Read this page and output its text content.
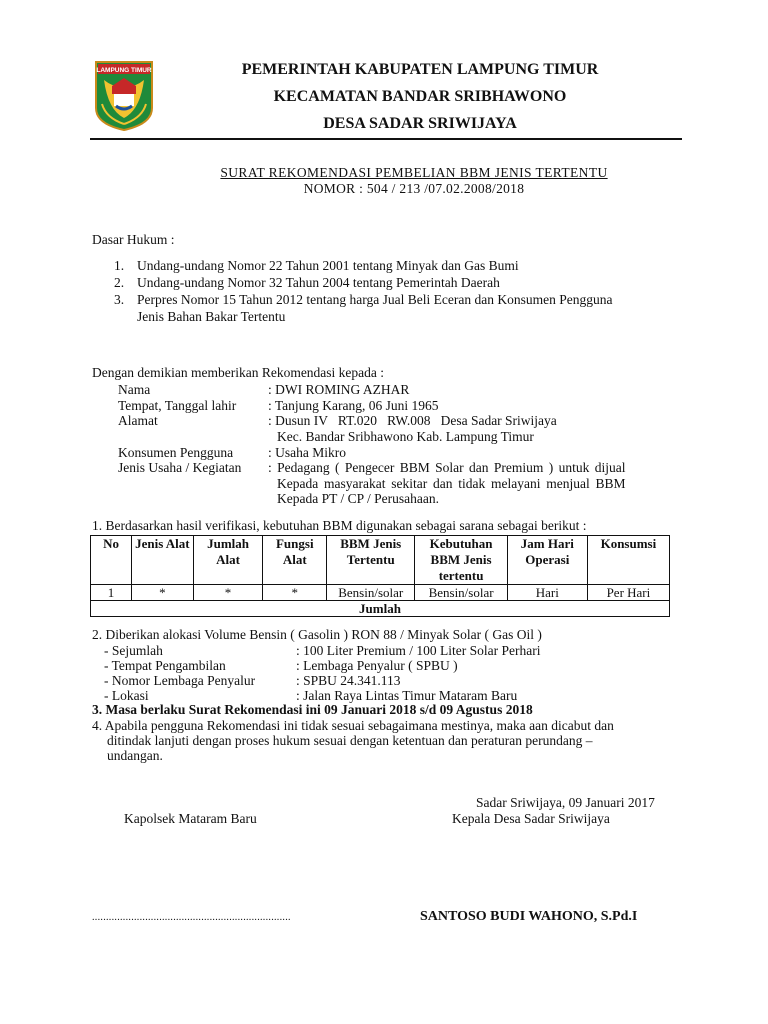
LAMPUNG TIMUR	PEMERINTAH KABUPATEN LAMPUNG TIMUR
KECAMATAN BANDAR SRIBHAWONO
DESA SADAR SRIWIJAYA
SURAT REKOMENDASI PEMBELIAN BBM JENIS TERTENTU
NOMOR : 504 / 213 /07.02.2008/2018
Dasar Hukum :
1. Undang-undang Nomor 22 Tahun 2001 tentang Minyak dan Gas Bumi
2. Undang-undang Nomor 32 Tahun 2004 tentang Pemerintah Daerah
3. Perpres Nomor 15 Tahun 2012 tentang harga Jual Beli Eceran dan Konsumen Pengguna
Jenis Bahan Bakar Tertentu
Dengan demikian memberikan Rekomendasi kepada :
Nama	: DWI ROMING AZHAR
Tempat, Tanggal lahir : Tanjung Karang, 06 Juni 1965
Alamat	: Dusun IV   RT.020   RW.008   Desa Sadar Sriwijaya
Kec. Bandar Sribhawono Kab. Lampung Timur
Konsumen Pengguna	: Usaha Mikro
Jenis Usaha / Kegiatan : Pedagang ( Pengecer BBM Solar dan Premium ) untuk dijual
Kepada masyarakat sekitar dan tidak melayani menjual BBM
Kepada PT / CP / Perusahaan.
1. Berdasarkan hasil verifikasi, kebutuhan BBM digunakan sebagai sarana sebagai berikut :
No	Jenis Alat	Jumlah Alat	Fungsi Alat	BBM Jenis Tertentu	Kebutuhan BBM Jenis tertentu	Jam Hari Operasi	Konsumsi
1	*	*	*	Bensin/solar	Bensin/solar	Hari	Per Hari
Jumlah							
2. Diberikan alokasi Volume Bensin ( Gasolin ) RON 88 / Minyak Solar ( Gas Oil )
- Sejumlah	: 100 Liter Premium / 100 Liter Solar Perhari
- Tempat Pengambilan	: Lembaga Penyalur ( SPBU )
- Nomor Lembaga Penyalur	: SPBU 24.341.113
- Lokasi	: Jalan Raya Lintas Timur Mataram Baru
3. Masa berlaku Surat Rekomendasi ini 09 Januari 2018 s/d 09 Agustus 2018
4. Apabila pengguna Rekomendasi ini tidak sesuai sebagaimana mestinya, maka aan dicabut dan
ditindak lanjuti dengan proses hukum sesuai dengan ketentuan dan peraturan perundang –
undangan.
Sadar Sriwijaya, 09 Januari 2017
Kapolsek Mataram Baru	Kepala Desa Sadar Sriwijaya
.......................................................................	SANTOSO BUDI WAHONO, S.Pd.I
